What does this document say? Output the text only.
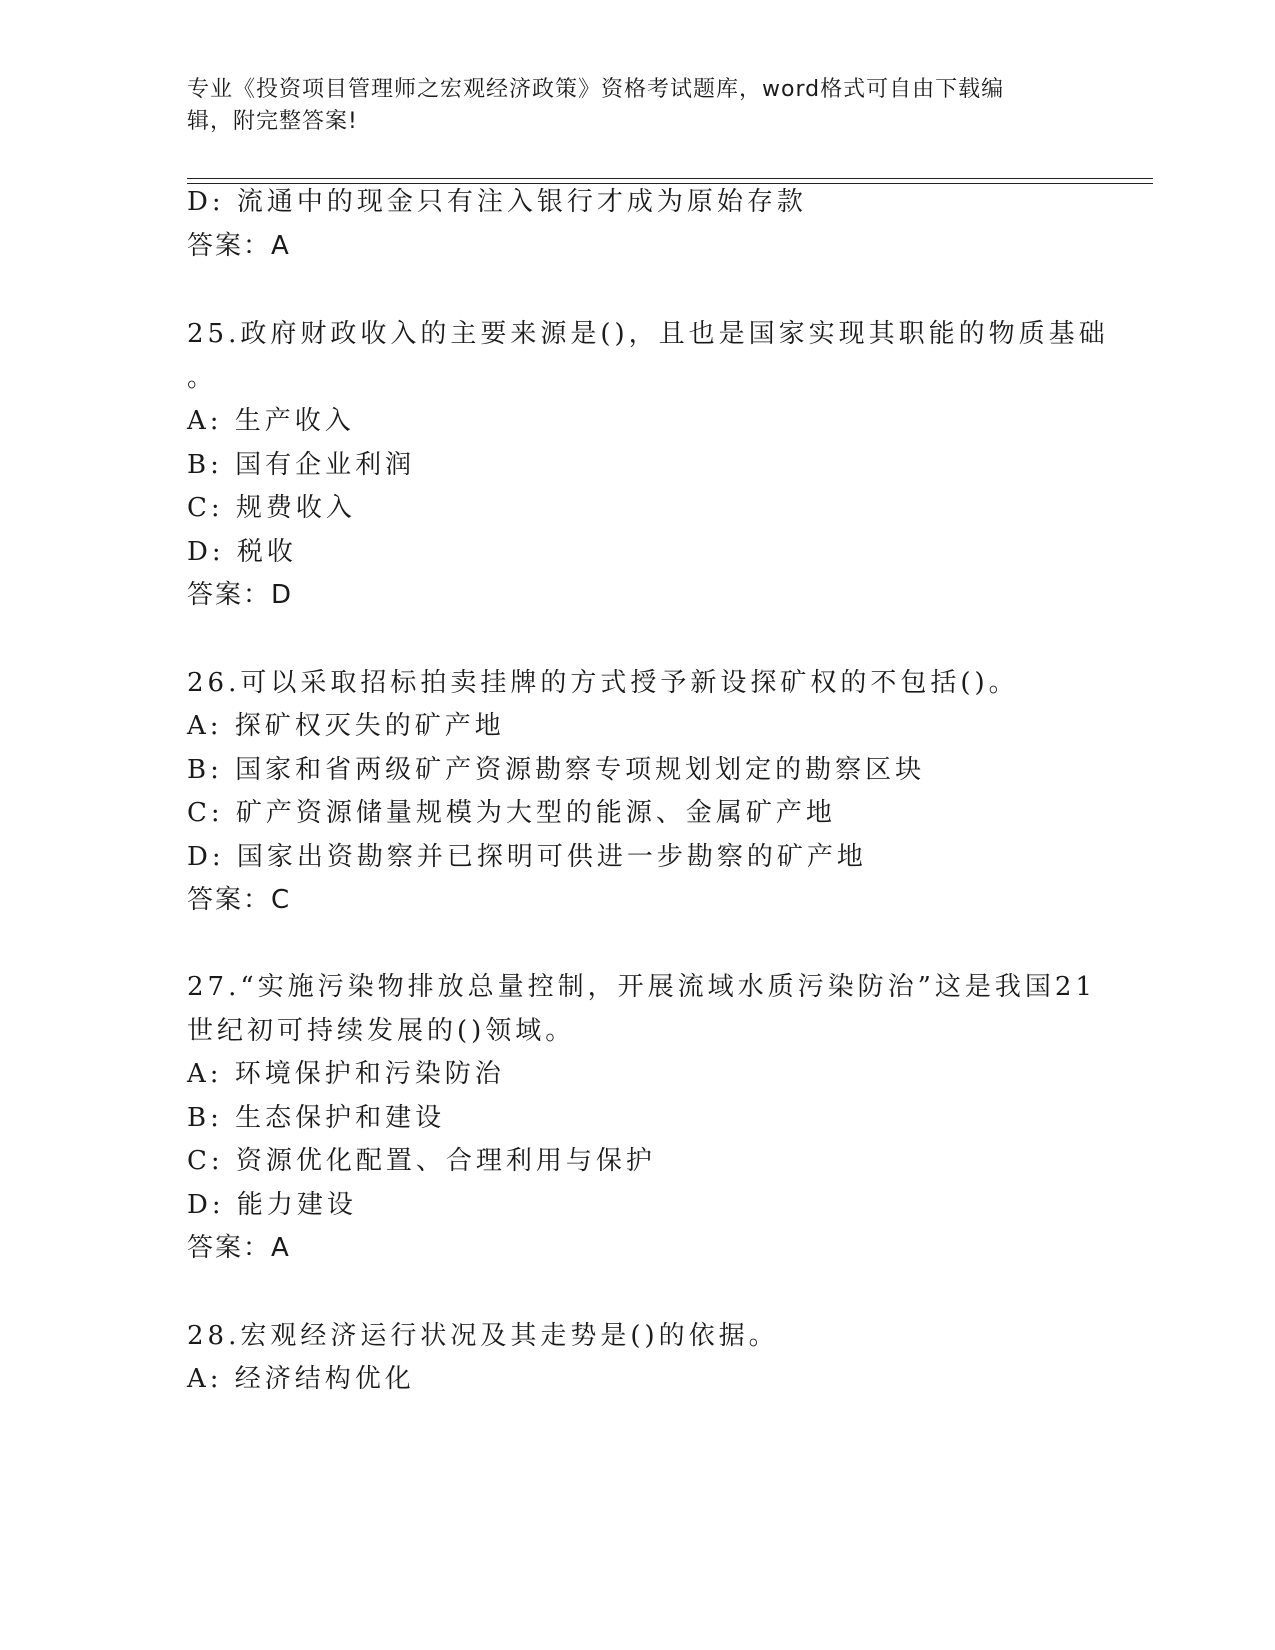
专业《投资项目管理师之宏观经济政策》资格考试题库，word格式可自由下载编
辑，附完整答案!
D: 流通中的现金只有注入银行才成为原始存款
答案：A
25.政府财政收入的主要来源是()，且也是国家实现其职能的物质基础
。
A: 生产收入
B: 国有企业利润
C: 规费收入
D: 税收
答案：D
26.可以采取招标拍卖挂牌的方式授予新设探矿权的不包括()。
A: 探矿权灭失的矿产地
B: 国家和省两级矿产资源勘察专项规划划定的勘察区块
C: 矿产资源储量规模为大型的能源、金属矿产地
D: 国家出资勘察并已探明可供进一步勘察的矿产地
答案：C
27.“实施污染物排放总量控制，开展流域水质污染防治”这是我国21
世纪初可持续发展的()领域。
A: 环境保护和污染防治
B: 生态保护和建设
C: 资源优化配置、合理利用与保护
D: 能力建设
答案：A
28.宏观经济运行状况及其走势是()的依据。
A: 经济结构优化
